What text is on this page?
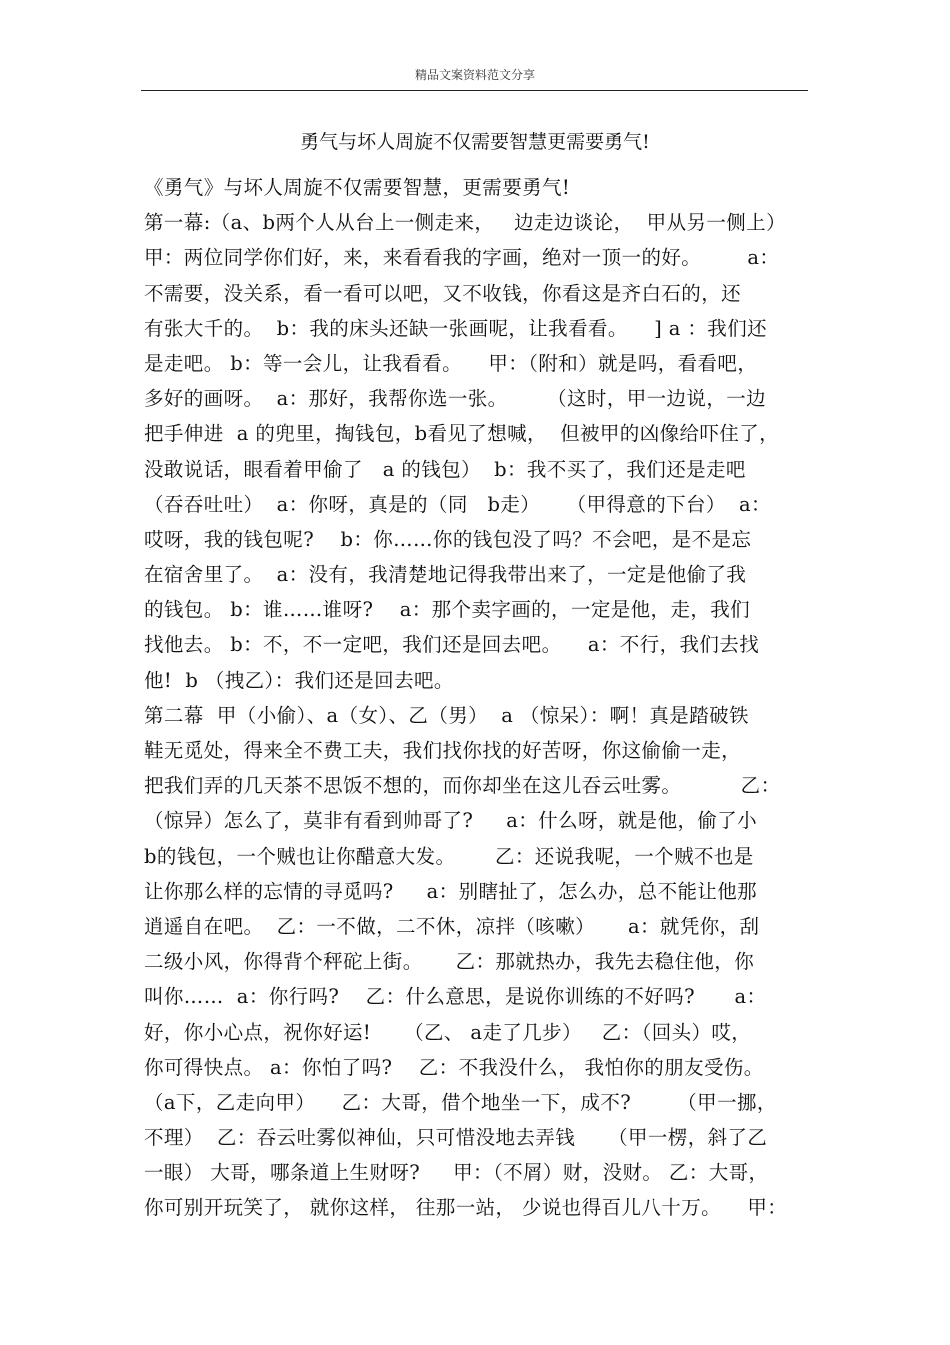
精品文案资料范文分享
勇气与坏人周旋不仅需要智慧更需要勇气!
《勇气》与坏人周旋不仅需要智慧，更需要勇气!
第一幕:（a、b两个人从台上一侧走来，   边走边谈论，  甲从另一侧上）
甲：两位同学你们好，来，来看看我的字画，绝对一顶一的好。       a：
不需要，没关系，看一看可以吧，又不收钱，你看这是齐白石的，还
有张大千的。  b：我的床头还缺一张画呢，让我看看。    ] a ：我们还
是走吧。 b：等一会儿，让我看看。    甲：（附和）就是吗，看看吧，
多好的画呀。  a：那好，我帮你选一张。      （这时，甲一边说，一边
把手伸进  a 的兜里，掏钱包，b看见了想喊，  但被甲的凶像给吓住了，
没敢说话，眼看着甲偷了   a 的钱包）  b：我不买了，我们还是走吧
（吞吞吐吐）  a：你呀，真是的（同   b走）    （甲得意的下台）  a：
哎呀，我的钱包呢?    b：你……你的钱包没了吗？不会吧，是不是忘
在宿舍里了。  a：没有，我清楚地记得我带出来了，一定是他偷了我
的钱包。 b：谁……谁呀?    a：那个卖字画的，一定是他，走，我们
找他去。 b：不，不一定吧，我们还是回去吧。    a：不行，我们去找
他!  b （拽乙）：我们还是回去吧。
第二幕  甲（小偷）、a（女）、乙（男）  a （惊呆）：啊！真是踏破铁
鞋无觅处，得来全不费工夫，我们找你找的好苦呀，你这偷偷一走，
把我们弄的几天茶不思饭不想的，而你却坐在这儿吞云吐雾。         乙：
（惊异）怎么了，莫非有看到帅哥了?     a：什么呀，就是他，偷了小
b的钱包，一个贼也让你醋意大发。      乙：还说我呢，一个贼不也是
让你那么样的忘情的寻觅吗?     a：别瞎扯了，怎么办，总不能让他那
逍遥自在吧。  乙：一不做，二不休，凉拌（咳嗽）     a：就凭你，刮
二级小风，你得背个秤砣上街。     乙：那就热办，我先去稳住他，你
叫你……  a：你行吗?    乙：什么意思，是说你训练的不好吗?      a：
好，你小心点，祝你好运!     （乙、 a走了几步）   乙：（回头）哎，
你可得快点。 a：你怕了吗?    乙：不我没什么， 我怕你的朋友受伤。
（a下，乙走向甲）    乙：大哥，借个地坐一下，成不?       （甲一挪，
不理）  乙：吞云吐雾似神仙，只可惜没地去弄钱     （甲一楞，斜了乙
一眼） 大哥，哪条道上生财呀?     甲：（不屑）财，没财。 乙：大哥，
你可别开玩笑了， 就你这样， 往那一站， 少说也得百儿八十万。    甲：
